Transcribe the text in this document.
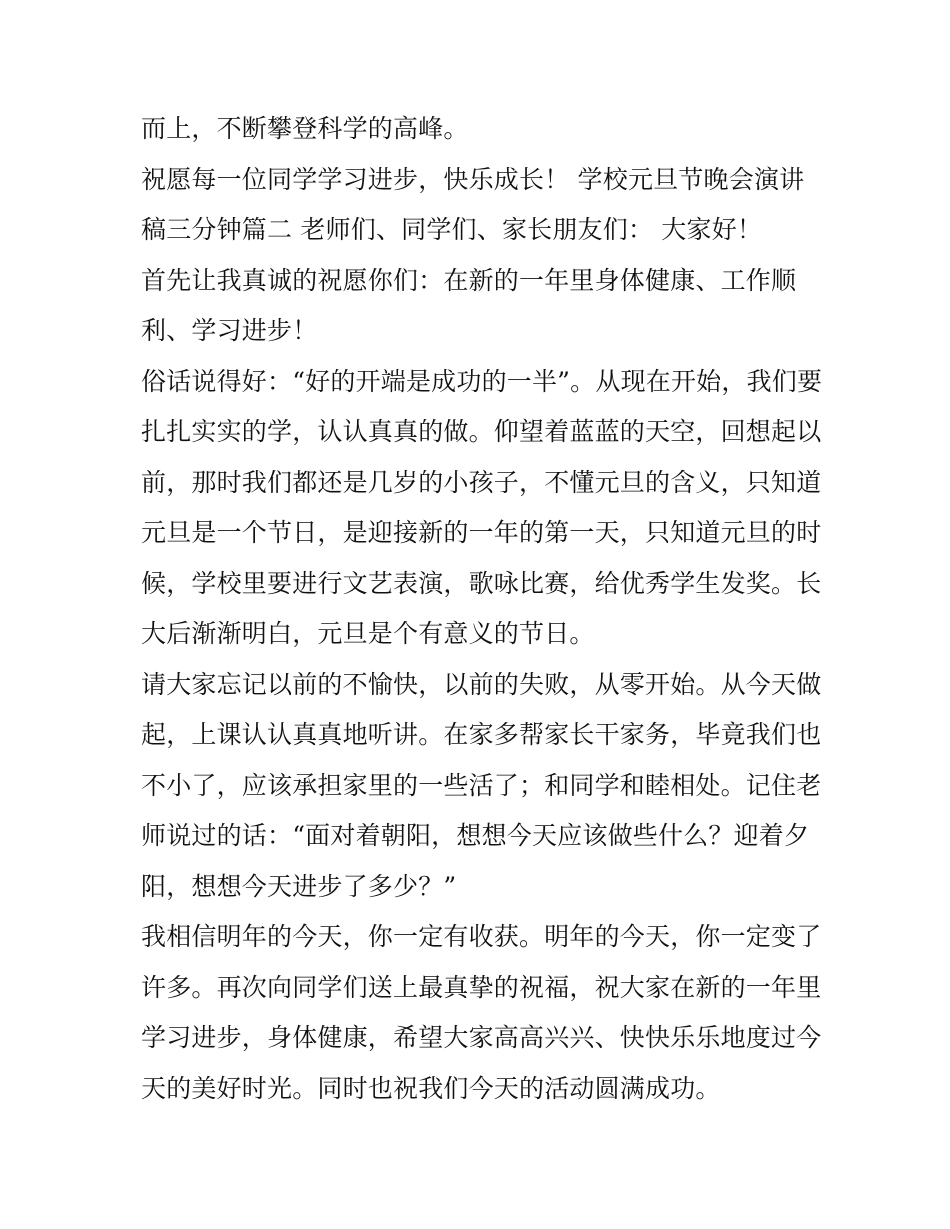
而上，不断攀登科学的高峰。
祝愿每一位同学学习进步，快乐成长！ 学校元旦节晚会演讲
稿三分钟篇二 老师们、同学们、家长朋友们： 大家好！
首先让我真诚的祝愿你们：在新的一年里身体健康、工作顺
利、学习进步！
俗话说得好：“好的开端是成功的一半”。从现在开始，我们要
扎扎实实的学，认认真真的做。仰望着蓝蓝的天空，回想起以
前，那时我们都还是几岁的小孩子，不懂元旦的含义，只知道
元旦是一个节日，是迎接新的一年的第一天，只知道元旦的时
候，学校里要进行文艺表演，歌咏比赛，给优秀学生发奖。长
大后渐渐明白，元旦是个有意义的节日。
请大家忘记以前的不愉快，以前的失败，从零开始。从今天做
起，上课认认真真地听讲。在家多帮家长干家务，毕竟我们也
不小了，应该承担家里的一些活了；和同学和睦相处。记住老
师说过的话：“面对着朝阳，想想今天应该做些什么？迎着夕
阳，想想今天进步了多少？”
我相信明年的今天，你一定有收获。明年的今天，你一定变了
许多。再次向同学们送上最真挚的祝福，祝大家在新的一年里
学习进步，身体健康，希望大家高高兴兴、快快乐乐地度过今
天的美好时光。同时也祝我们今天的活动圆满成功。
